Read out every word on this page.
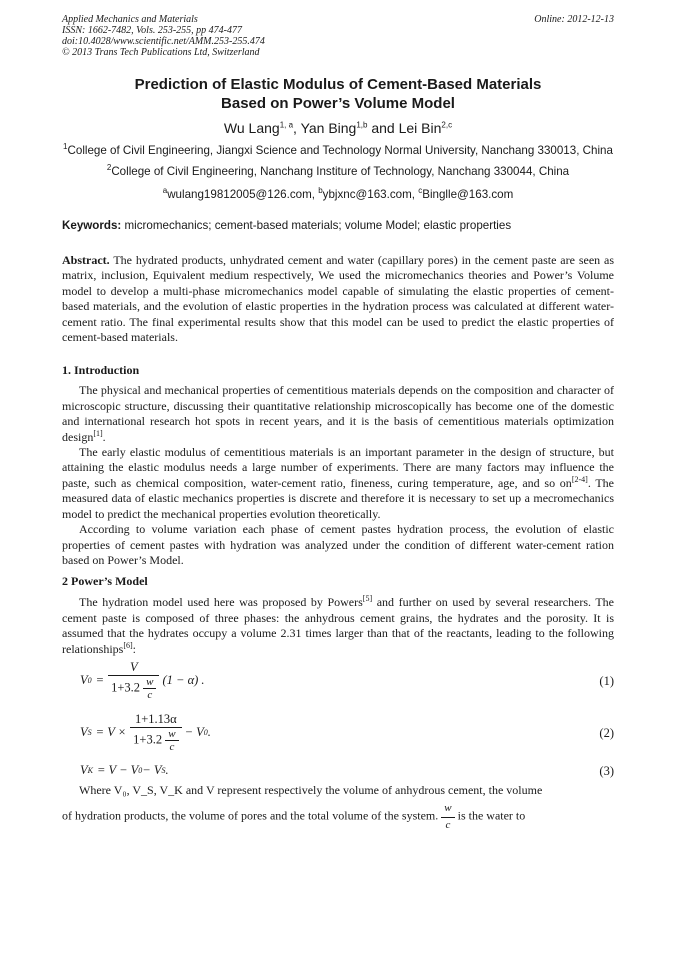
Applied Mechanics and Materials
ISSN: 1662-7482, Vols. 253-255, pp 474-477
doi:10.4028/www.scientific.net/AMM.253-255.474
© 2013 Trans Tech Publications Ltd, Switzerland
Online: 2012-12-13
Prediction of Elastic Modulus of Cement-Based Materials
Based on Power’s Volume Model
Wu Lang$^{1, a}$, Yan Bing$^{1,b}$ and Lei Bin$^{2,c}$
$^1$College of Civil Engineering, Jiangxi Science and Technology Normal University, Nanchang 330013, China
$^2$College of Civil Engineering, Nanchang Institure of Technology, Nanchang 330044, China
$^a$wulang19812005@126.com, $^b$ybjxnc@163.com, $^c$Binglle@163.com
Keywords: micromechanics; cement-based materials; volume Model; elastic properties
Abstract. The hydrated products, unhydrated cement and water (capillary pores) in the cement paste are seen as matrix, inclusion, Equivalent medium respectively, We used the micromechanics theories and Power’s Volume model to develop a multi-phase micromechanics model capable of simulating the elastic properties of cement-based materials, and the evolution of elastic properties in the hydration process was calculated at different water-cement ratio. The final experimental results show that this model can be used to predict the elastic properties of cement-based materials.
1. Introduction

The physical and mechanical properties of cementitious materials depends on the composition and character of microscopic structure, discussing their quantitative relationship microscopically has become one of the domestic and international research hot spots in recent years, and it is the basis of cementitious materials optimization design[1].

The early elastic modulus of cementitious materials is an important parameter in the design of structure, but attaining the elastic modulus needs a large number of experiments. There are many factors may influence the paste, such as chemical composition, water-cement ratio, fineness, curing temperature, age, and so on[2-4]. The measured data of elastic mechanics properties is discrete and therefore it is necessary to set up a mecromechanics model to predict the mechanical properties evolution theoretically.

According to volume variation each phase of cement pastes hydration process, the evolution of elastic properties of cement pastes with hydration was analyzed under the condition of different water-cement ration based on Power’s Model.

2 Power’s Model

The hydration model used here was proposed by Powers[5] and further on used by several researchers. The cement paste is composed of three phases: the anhydrous cement grains, the hydrates and the porosity. It is assumed that the hydrates occupy a volume 2.31 times larger than that of the reactants, leading to the following relationships[6]:

V $0 = \frac{V}{1+3.2 \frac{w}{c}} (1 - \alpha)$ .	(1)
V $S = V \times \frac{1+1.13\alpha}{1+3.2 \frac{w}{c}} - V$ 0 .	(2)
V K = V − V 0 − V S .	(3)

Where V₀, V_S, V_K and V represent respectively the volume of anhydrous cement, the volume

of hydration products, the volume of pores and the total volume of the system. $\frac{w}{c}$ is the water to
